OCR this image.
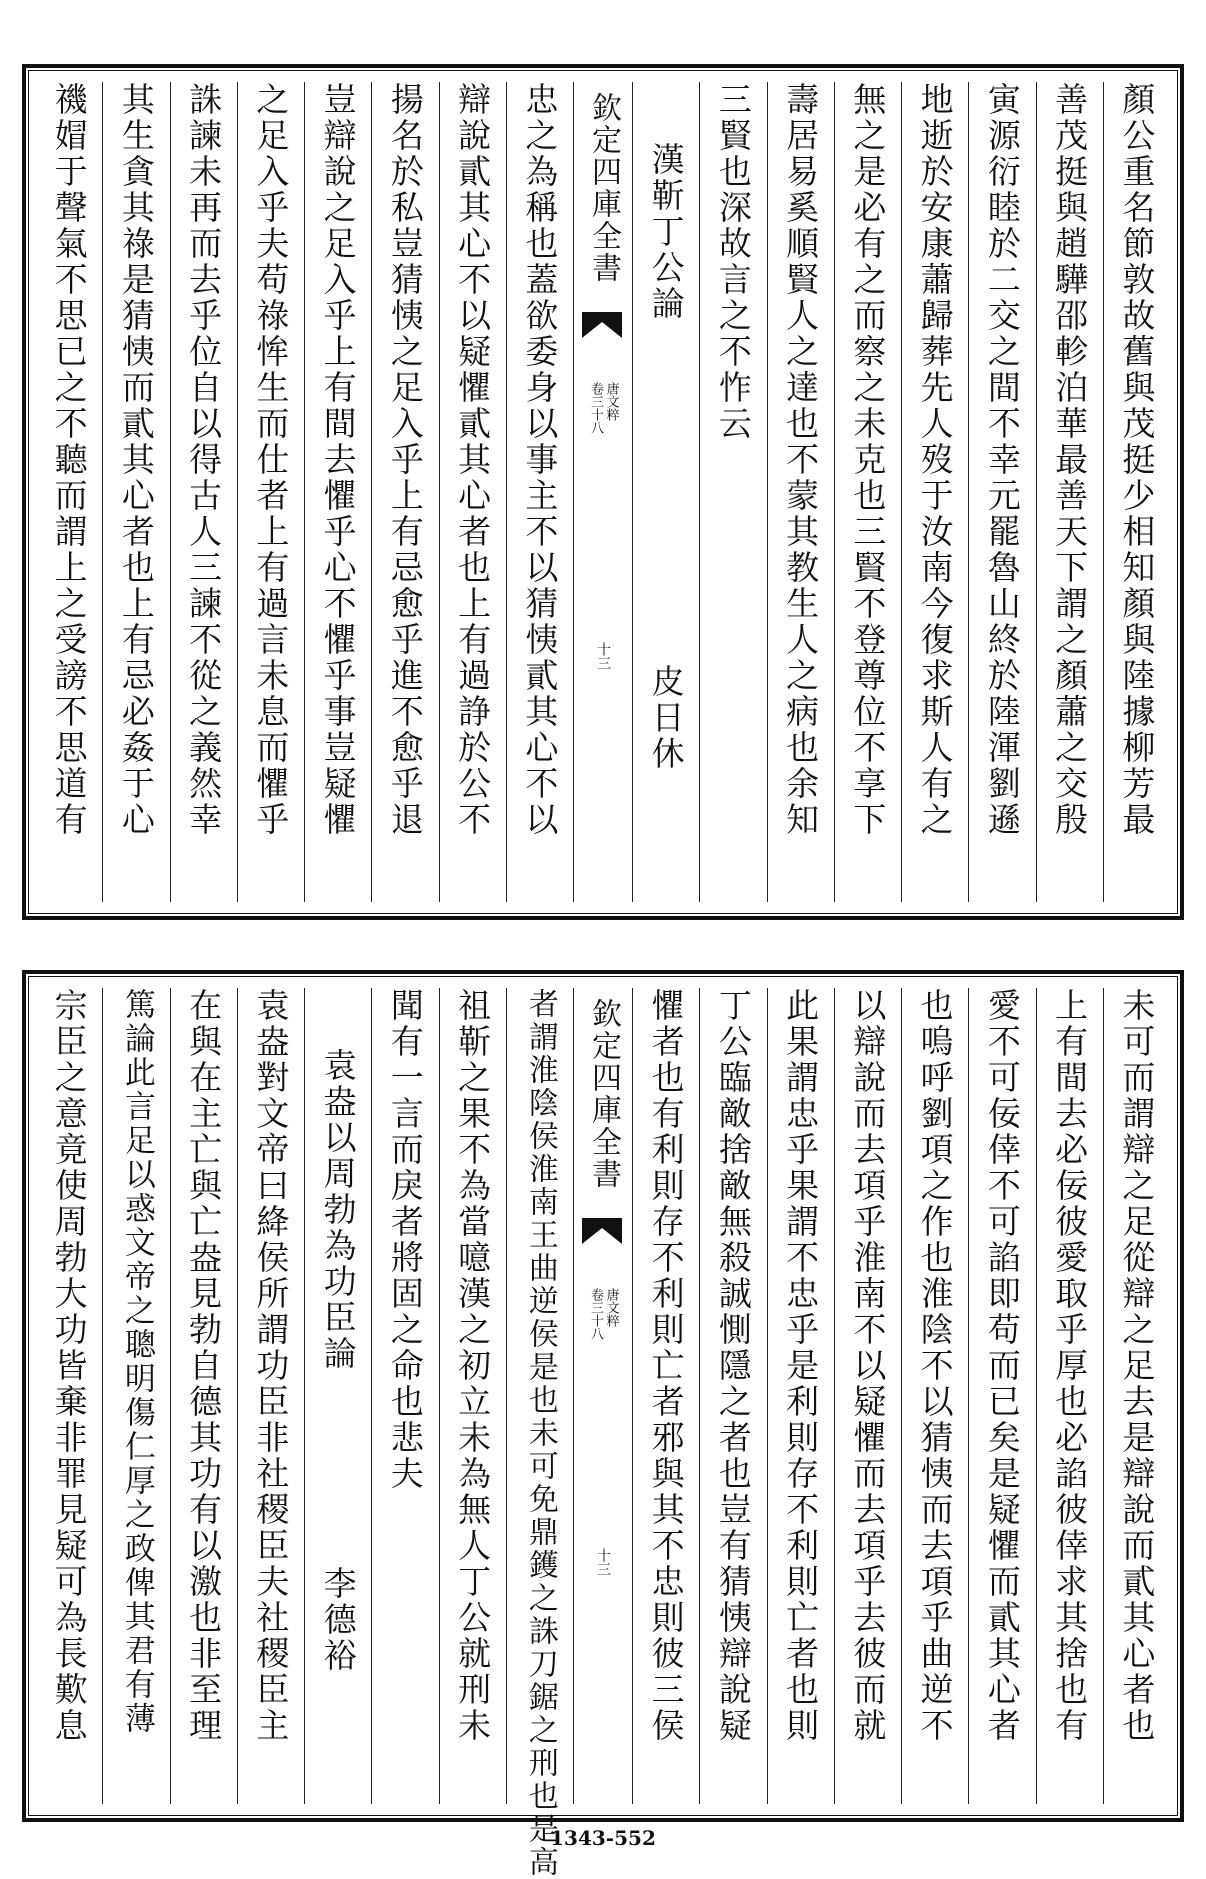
顏公重名節敦故舊與茂挺少相知顏與陸據柳芳最
善茂挺與趙驊邵軫泊華最善天下謂之顏蕭之交殷
寅源衍睦於二交之間不幸元罷魯山終於陸渾劉遜
地逝於安康蕭歸葬先人歿于汝南今復求斯人有之
無之是必有之而察之未克也三賢不登尊位不享下
壽居易奚順賢人之達也不蒙其教生人之病也余知
三賢也深故言之不怍云
漢靳丁公論
皮日休
欽定四庫全書
唐文粹
卷三十八
十三
忠之為稱也蓋欲委身以事主不以猜恞貳其心不以
辯說貳其心不以疑懼貳其心者也上有過諍於公不
揚名於私豈猜恞之足入乎上有忌愈乎進不愈乎退
豈辯說之足入乎上有間去懼乎心不懼乎事豈疑懼
之足入乎夫苟祿恈生而仕者上有過言未息而懼乎
誅諫未再而去乎位自以得古人三諫不從之義然幸
其生貪其祿是猜恞而貳其心者也上有忌必姦于心
禨媢于聲氣不思已之不聽而謂上之受謗不思道有
未可而謂辯之足從辯之足去是辯說而貳其心者也
上有間去必佞彼愛取乎厚也必諂彼倖求其捨也有
愛不可佞倖不可諂即苟而已矣是疑懼而貳其心者
也嗚呼劉項之作也淮陰不以猜恞而去項乎曲逆不
以辯說而去項乎淮南不以疑懼而去項乎去彼而就
此果謂忠乎果謂不忠乎是利則存不利則亡者也則
丁公臨敵捨敵無殺誠惻隱之者也豈有猜恞辯說疑
懼者也有利則存不利則亡者邪與其不忠則彼三侯
欽定四庫全書
唐文粹
卷三十八
十三
者謂淮陰侯淮南王曲逆侯是也未可免鼎鑊之誅刀鋸之刑也是高
祖靳之果不為當噫漢之初立未為無人丁公就刑未
聞有一言而戾者將固之命也悲夫
袁盎以周勃為功臣論
李德裕
袁盎對文帝曰絳侯所謂功臣非社稷臣夫社稷臣主
在與在主亡與亡盎見勃自德其功有以激也非至理
篤論此言足以惑文帝之聰明傷仁厚之政俾其君有薄
宗臣之意竟使周勃大功皆棄非罪見疑可為長歎息
1343-552
